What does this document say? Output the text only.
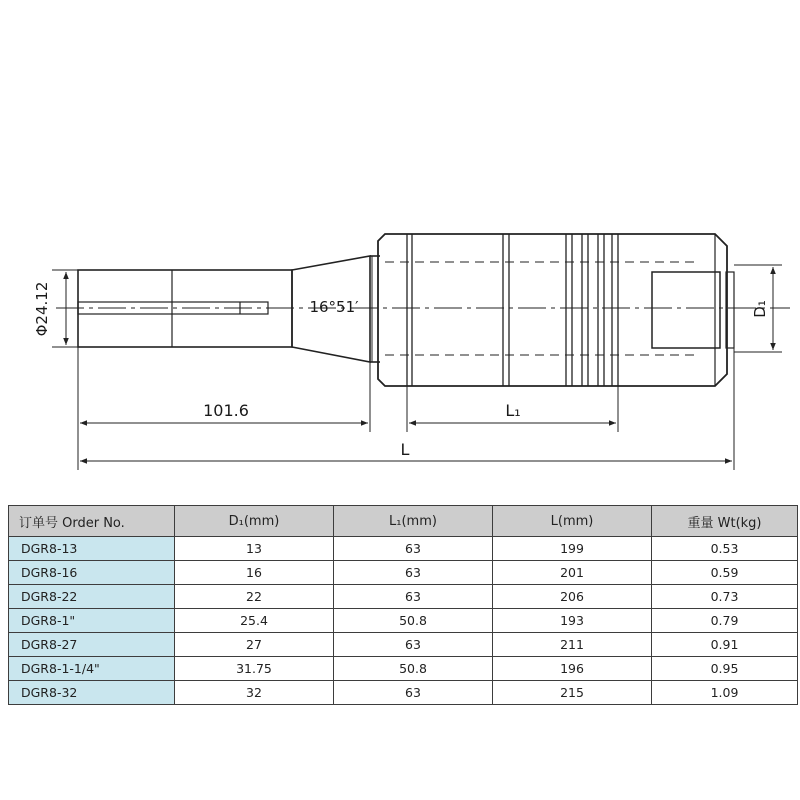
Φ24.12	16°51′	D₁
101.6	L₁
L
订单号 Order No.	D₁(mm)	L₁(mm)	L(mm)	重量 Wt(kg)
DGR8-13	13	63	199	0.53
DGR8-16	16	63	201	0.59
DGR8-22	22	63	206	0.73
DGR8-1"	25.4	50.8	193	0.79
DGR8-27	27	63	211	0.91
DGR8-1-1/4"	31.75	50.8	196	0.95
DGR8-32	32	63	215	1.09
